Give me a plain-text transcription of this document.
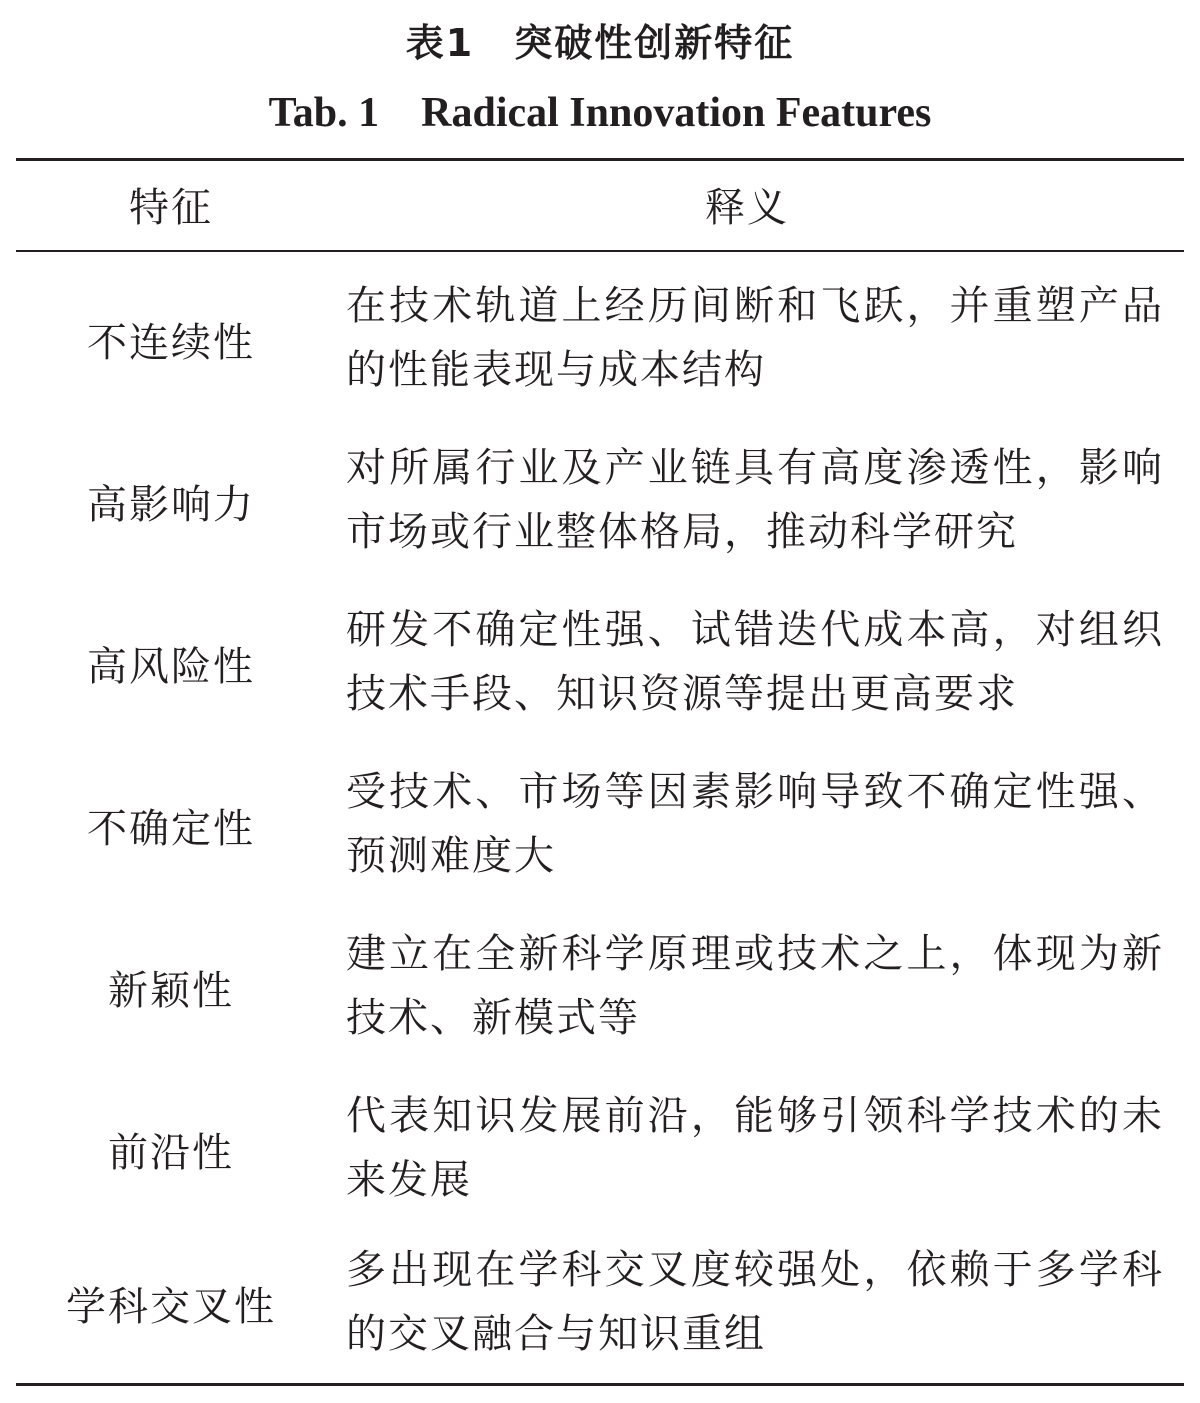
表1　突破性创新特征
Tab. 1    Radical Innovation Features
特征	释义
不连续性
在技术轨道上经历间断和飞跃，并重塑产品的性能表现与成本结构
高影响力
对所属行业及产业链具有高度渗透性，影响市场或行业整体格局，推动科学研究
高风险性
研发不确定性强、试错迭代成本高，对组织技术手段、知识资源等提出更高要求
不确定性
受技术、市场等因素影响导致不确定性强、预测难度大
新颖性
建立在全新科学原理或技术之上，体现为新技术、新模式等
前沿性
代表知识发展前沿，能够引领科学技术的未来发展
学科交叉性
多出现在学科交叉度较强处，依赖于多学科的交叉融合与知识重组
